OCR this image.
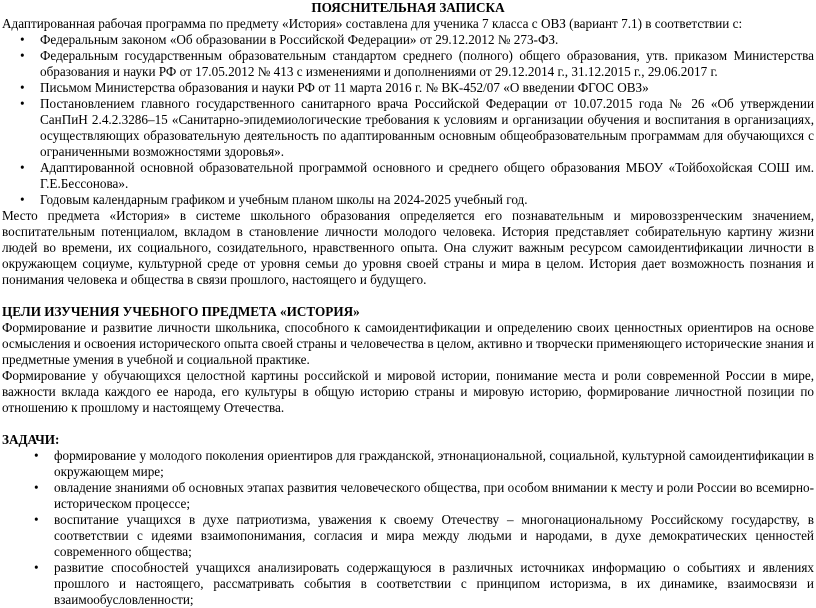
ПОЯСНИТЕЛЬНАЯ ЗАПИСКА

Адаптированная рабочая программа по предмету «История» составлена для ученика 7 класса с ОВЗ (вариант 7.1) в соответствии с:

• Федеральным законом «Об образовании в Российской Федерации» от 29.12.2012 № 273-ФЗ.
• Федеральным государственным образовательным стандартом среднего (полного) общего образования, утв. приказом Министерства образования и науки РФ от 17.05.2012 № 413 с изменениями и дополнениями от 29.12.2014 г., 31.12.2015 г., 29.06.2017 г.
• Письмом Министерства образования и науки РФ от 11 марта 2016 г. № ВК-452/07 «О введении ФГОС ОВЗ»
• Постановлением главного государственного санитарного врача Российской Федерации от 10.07.2015 года № 26 «Об утверждении СанПиН 2.4.2.3286–15 «Санитарно-эпидемиологические требования к условиям и организации обучения и воспитания в организациях, осуществляющих образовательную деятельность по адаптированным основным общеобразовательным программам для обучающихся с ограниченными возможностями здоровья».
• Адаптированной основной образовательной программой основного и среднего общего образования МБОУ «Тойбохойская СОШ им. Г.Е.Бессонова».
• Годовым календарным графиком и учебным планом школы на 2024-2025 учебный год.

Место предмета «История» в системе школьного образования определяется его познавательным и мировоззренческим значением, воспитательным потенциалом, вкладом в становление личности молодого человека. История представляет собирательную картину жизни людей во времени, их социального, созидательного, нравственного опыта. Она служит важным ресурсом самоидентификации личности в окружающем социуме, культурной среде от уровня семьи до уровня своей страны и мира в целом. История дает возможность познания и понимания человека и общества в связи прошлого, настоящего и будущего.

ЦЕЛИ ИЗУЧЕНИЯ УЧЕБНОГО ПРЕДМЕТА «ИСТОРИЯ»

Формирование и развитие личности школьника, способного к самоидентификации и определению своих ценностных ориентиров на основе осмысления и освоения исторического опыта своей страны и человечества в целом, активно и творчески применяющего исторические знания и предметные умения в учебной и социальной практике.

Формирование у обучающихся целостной картины российской и мировой истории, понимание места и роли современной России в мире, важности вклада каждого ее народа, его культуры в общую историю страны и мировую историю, формирование личностной позиции по отношению к прошлому и настоящему Отечества.

ЗАДАЧИ:

• формирование у молодого поколения ориентиров для гражданской, этнонациональной, социальной, культурной самоидентификации в окружающем мире;
• овладение знаниями об основных этапах развития человеческого общества, при особом внимании к месту и роли России во всемирно-историческом процессе;
• воспитание учащихся в духе патриотизма, уважения к своему Отечеству – многонациональному Российскому государству, в соответствии с идеями взаимопонимания, согласия и мира между людьми и народами, в духе демократических ценностей современного общества;
• развитие способностей учащихся анализировать содержащуюся в различных источниках информацию о событиях и явлениях прошлого и настоящего, рассматривать события в соответствии с принципом историзма, в их динамике, взаимосвязи и взаимообусловленности;
